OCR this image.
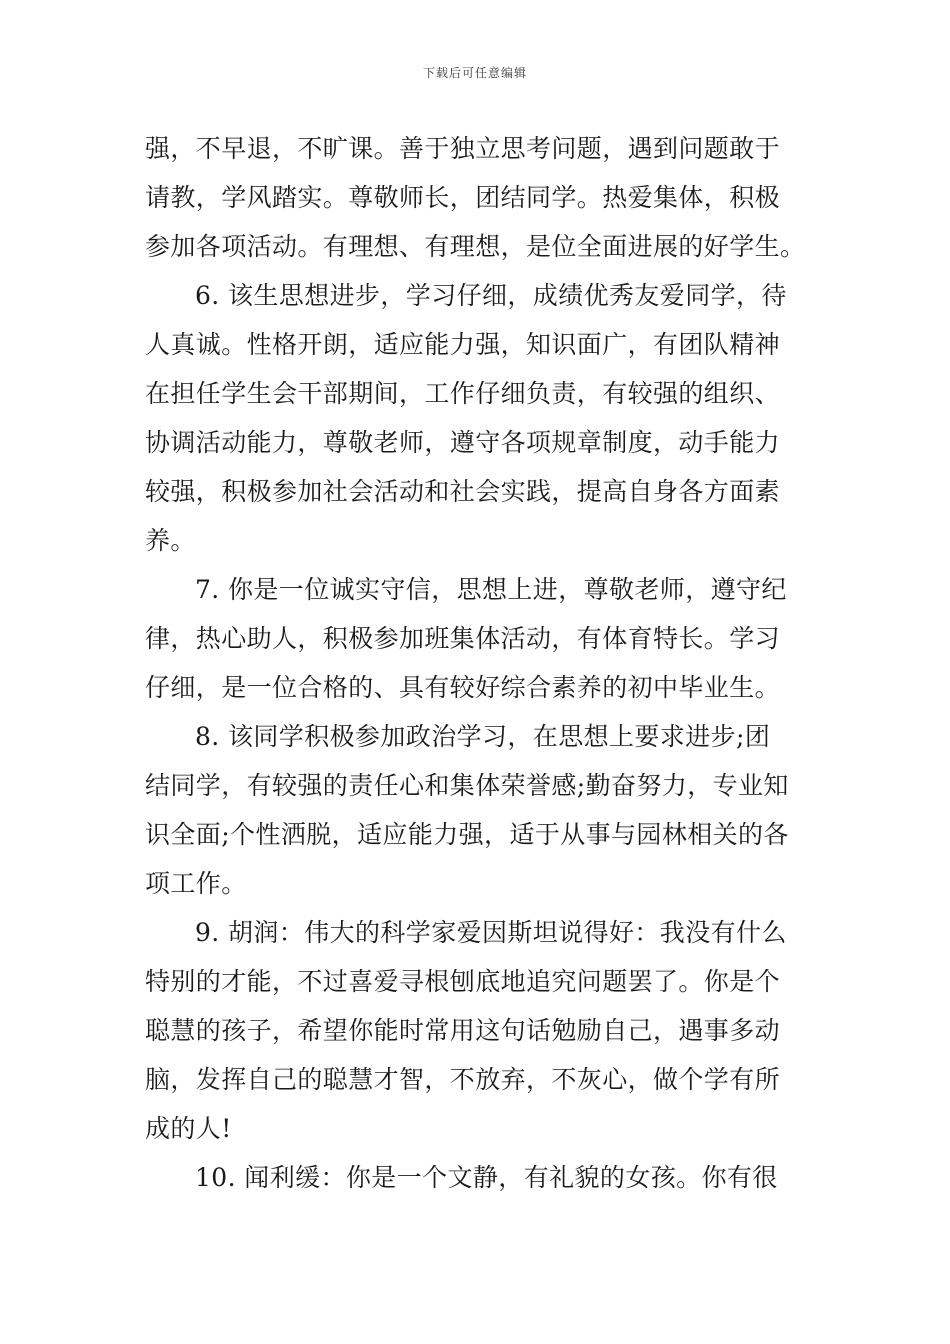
下载后可任意编辑
强，不早退，不旷课。善于独立思考问题，遇到问题敢于
请教，学风踏实。尊敬师长，团结同学。热爱集体，积极
参加各项活动。有理想、有理想，是位全面进展的好学生。
6. 该生思想进步，学习仔细，成绩优秀友爱同学，待
人真诚。性格开朗，适应能力强，知识面广，有团队精神
在担任学生会干部期间，工作仔细负责，有较强的组织、
协调活动能力，尊敬老师，遵守各项规章制度，动手能力
较强，积极参加社会活动和社会实践，提高自身各方面素
养。
7. 你是一位诚实守信，思想上进，尊敬老师，遵守纪
律，热心助人，积极参加班集体活动，有体育特长。学习
仔细，是一位合格的、具有较好综合素养的初中毕业生。
8. 该同学积极参加政治学习，在思想上要求进步;团
结同学，有较强的责任心和集体荣誉感;勤奋努力，专业知
识全面;个性洒脱，适应能力强，适于从事与园林相关的各
项工作。
9. 胡润：伟大的科学家爱因斯坦说得好：我没有什么
特别的才能，不过喜爱寻根刨底地追究问题罢了。你是个
聪慧的孩子，希望你能时常用这句话勉励自己，遇事多动
脑，发挥自己的聪慧才智，不放弃，不灰心，做个学有所
成的人!
10. 闻利缓：你是一个文静，有礼貌的女孩。你有很
